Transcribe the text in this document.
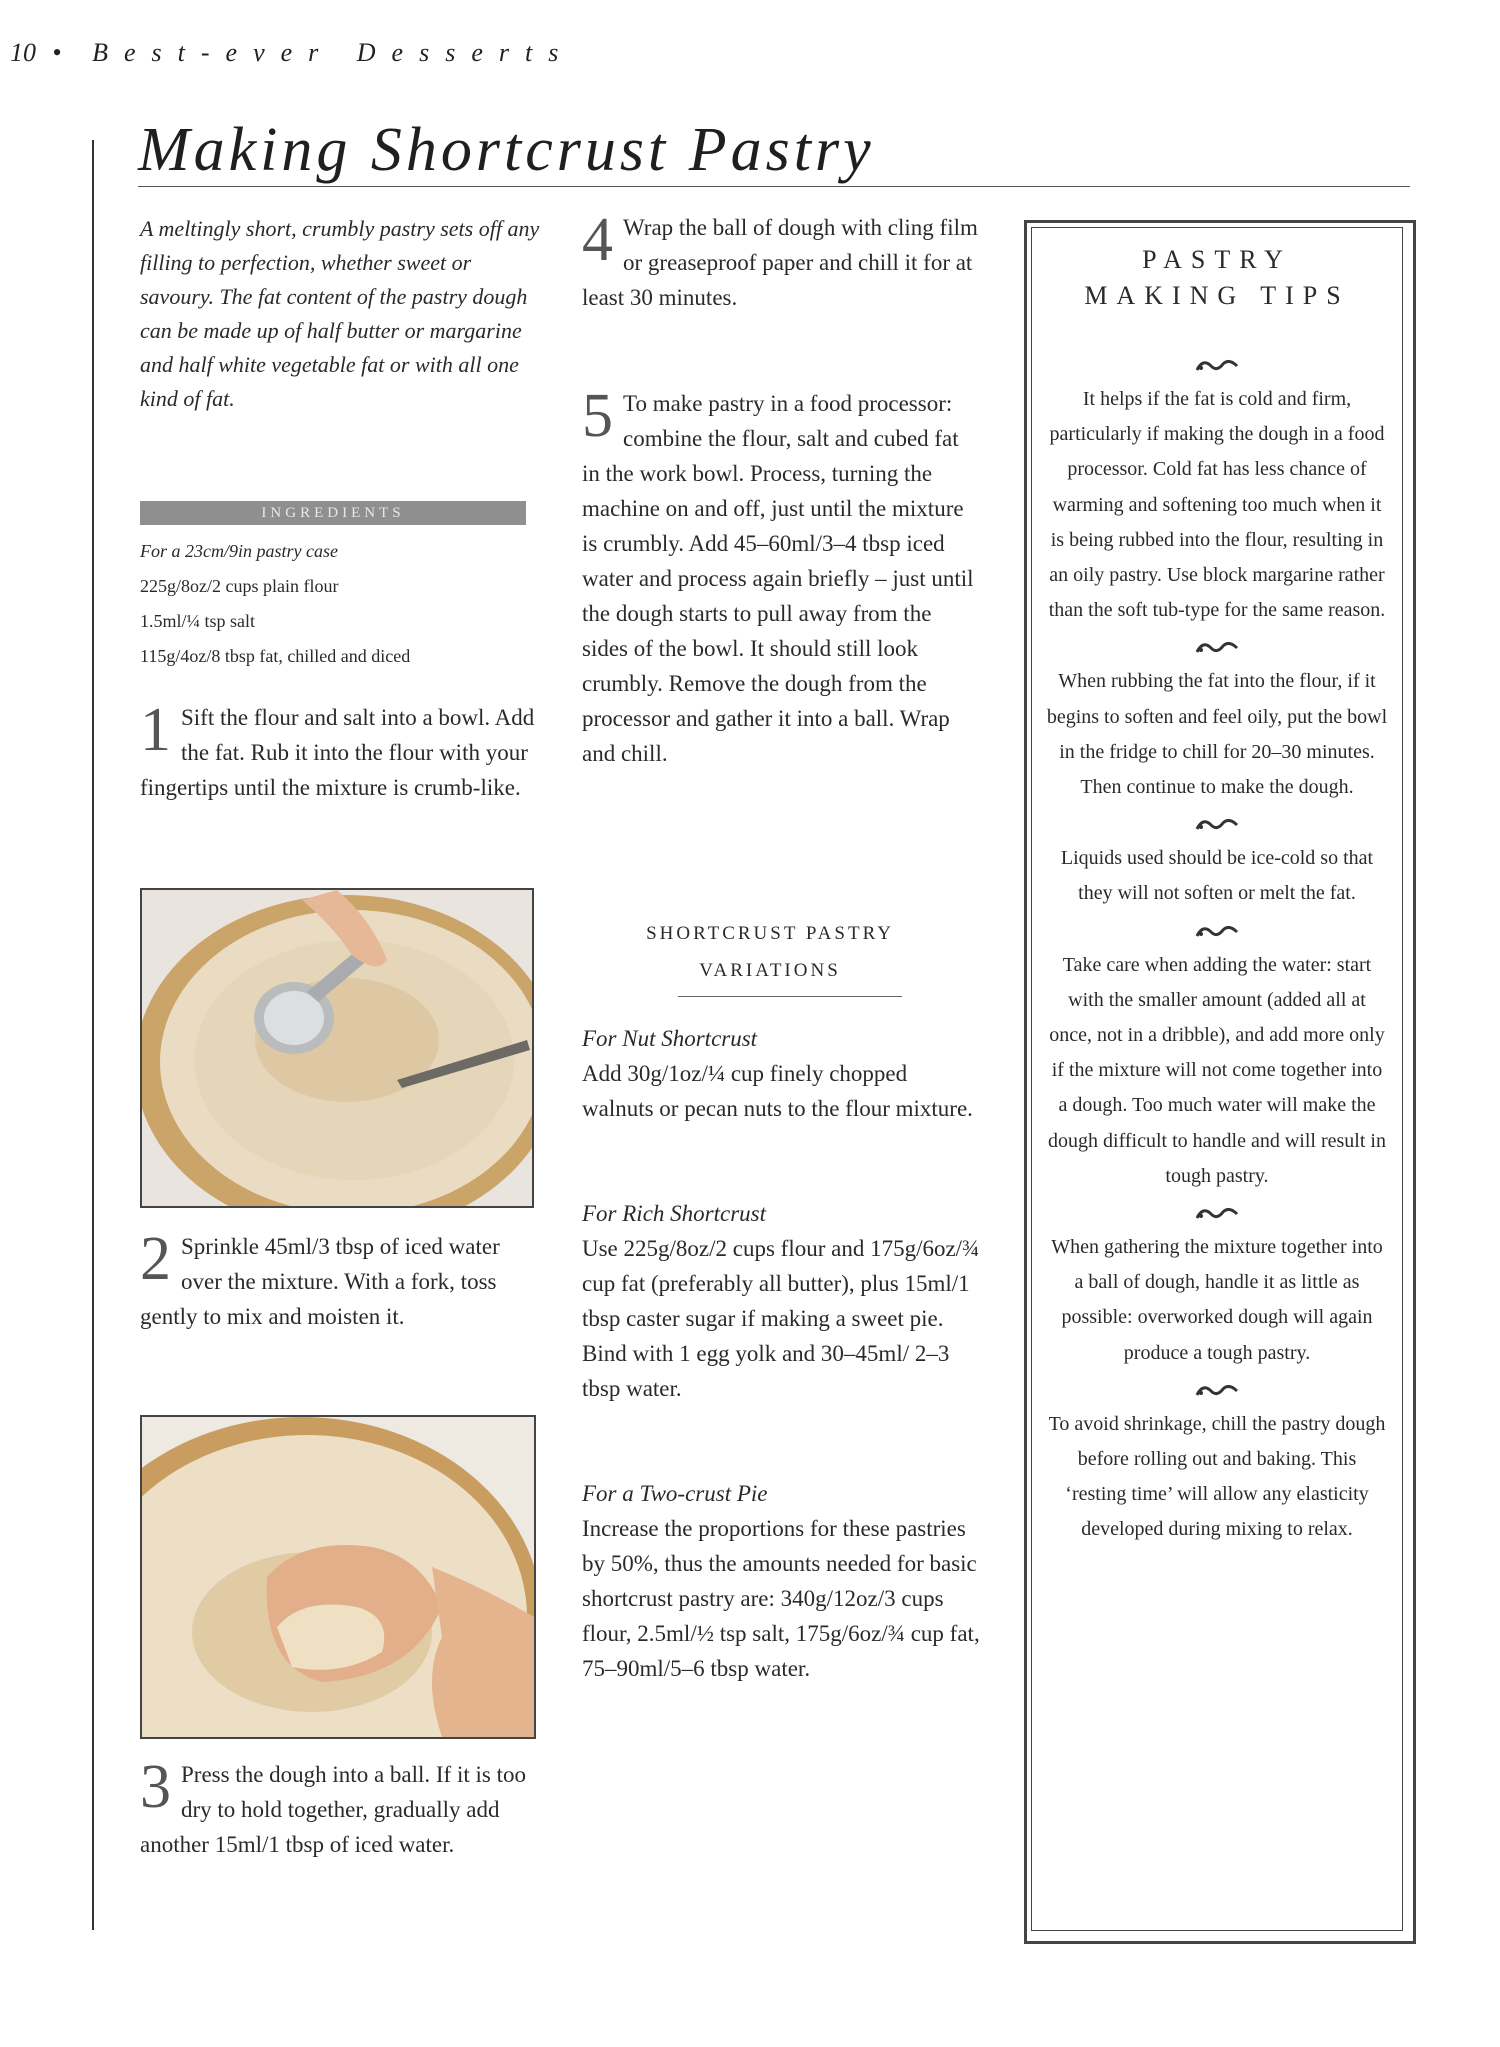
10 • Best-ever Desserts
Making Shortcrust Pastry
A meltingly short, crumbly pastry sets off any filling to perfection, whether sweet or savoury. The fat content of the pastry dough can be made up of half butter or margarine and half white vegetable fat or with all one kind of fat.
INGREDIENTS
For a 23cm/9in pastry case
225g/8oz/2 cups plain flour
1.5ml/¼ tsp salt
115g/4oz/8 tbsp fat, chilled and diced
1 Sift the flour and salt into a bowl. Add the fat. Rub it into the flour with your fingertips until the mixture is crumb-like.
2 Sprinkle 45ml/3 tbsp of iced water over the mixture. With a fork, toss gently to mix and moisten it.
3 Press the dough into a ball. If it is too dry to hold together, gradually add another 15ml/1 tbsp of iced water.
4 Wrap the ball of dough with cling film or greaseproof paper and chill it for at least 30 minutes.
5 To make pastry in a food processor: combine the flour, salt and cubed fat in the work bowl. Process, turning the machine on and off, just until the mixture is crumbly. Add 45–60ml/3–4 tbsp iced water and process again briefly – just until the dough starts to pull away from the sides of the bowl. It should still look crumbly. Remove the dough from the processor and gather it into a ball. Wrap and chill.
SHORTCRUST PASTRY
VARIATIONS
For Nut Shortcrust
Add 30g/1oz/¼ cup finely chopped walnuts or pecan nuts to the flour mixture.
For Rich Shortcrust
Use 225g/8oz/2 cups flour and 175g/6oz/¾ cup fat (preferably all butter), plus 15ml/1 tbsp caster sugar if making a sweet pie. Bind with 1 egg yolk and 30–45ml/ 2–3 tbsp water.
For a Two-crust Pie
Increase the proportions for these pastries by 50%, thus the amounts needed for basic shortcrust pastry are: 340g/12oz/3 cups flour, 2.5ml/½ tsp salt, 175g/6oz/¾ cup fat, 75–90ml/5–6 tbsp water.
PASTRY
MAKING TIPS
It helps if the fat is cold and firm, particularly if making the dough in a food processor. Cold fat has less chance of warming and softening too much when it is being rubbed into the flour, resulting in an oily pastry. Use block margarine rather than the soft tub-type for the same reason.
When rubbing the fat into the flour, if it begins to soften and feel oily, put the bowl in the fridge to chill for 20–30 minutes. Then continue to make the dough.
Liquids used should be ice-cold so that they will not soften or melt the fat.
Take care when adding the water: start with the smaller amount (added all at once, not in a dribble), and add more only if the mixture will not come together into a dough. Too much water will make the dough difficult to handle and will result in tough pastry.
When gathering the mixture together into a ball of dough, handle it as little as possible: overworked dough will again produce a tough pastry.
To avoid shrinkage, chill the pastry dough before rolling out and baking. This ‘resting time’ will allow any elasticity developed during mixing to relax.
